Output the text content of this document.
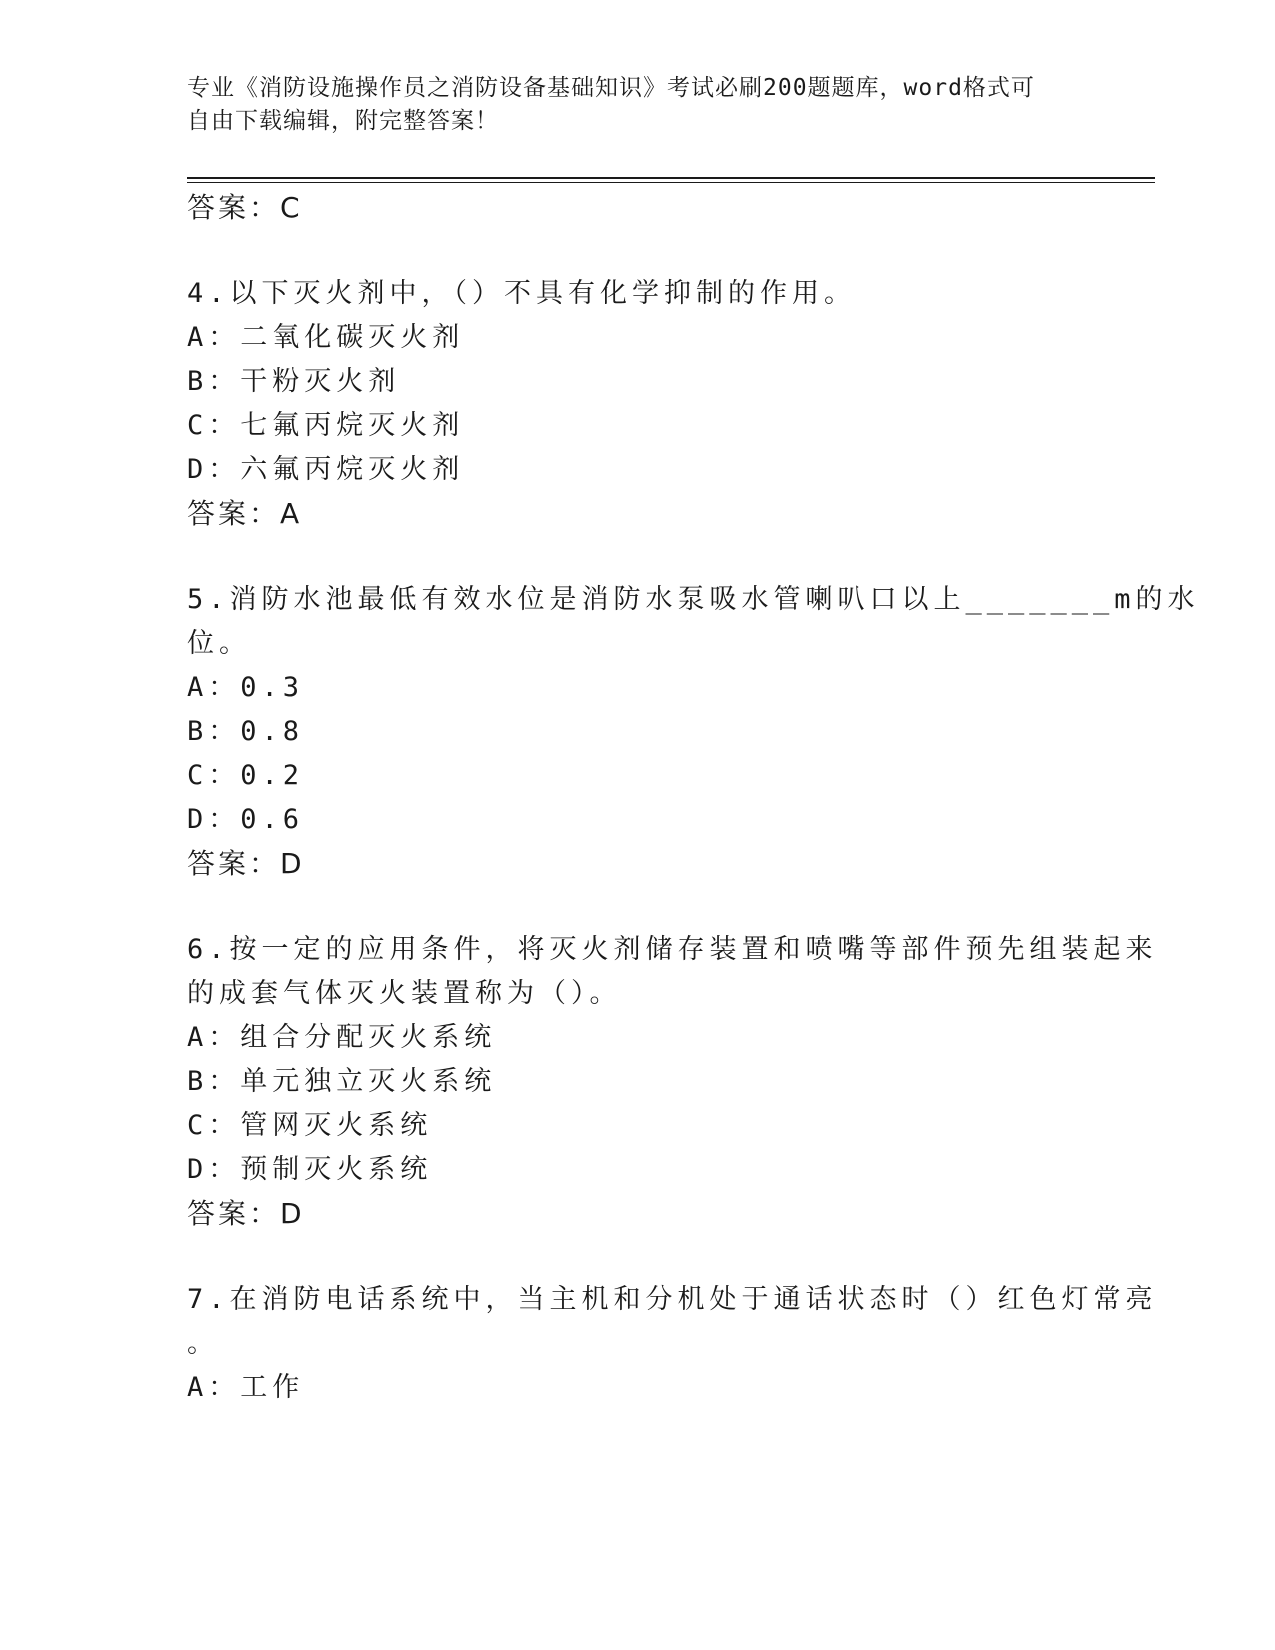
专业《消防设施操作员之消防设备基础知识》考试必刷200题题库，word格式可
自由下载编辑，附完整答案！
答案：C
4.以下灭火剂中，（）不具有化学抑制的作用。
A：二氧化碳灭火剂
B：干粉灭火剂
C：七氟丙烷灭火剂
D：六氟丙烷灭火剂
答案：A
5.消防水池最低有效水位是消防水泵吸水管喇叭口以上_______m的水
位。
A：0.3
B：0.8
C：0.2
D：0.6
答案：D
6.按一定的应用条件，将灭火剂储存装置和喷嘴等部件预先组装起来
的成套气体灭火装置称为（）。
A：组合分配灭火系统
B：单元独立灭火系统
C：管网灭火系统
D：预制灭火系统
答案：D
7.在消防电话系统中，当主机和分机处于通话状态时（）红色灯常亮
。
A：工作
